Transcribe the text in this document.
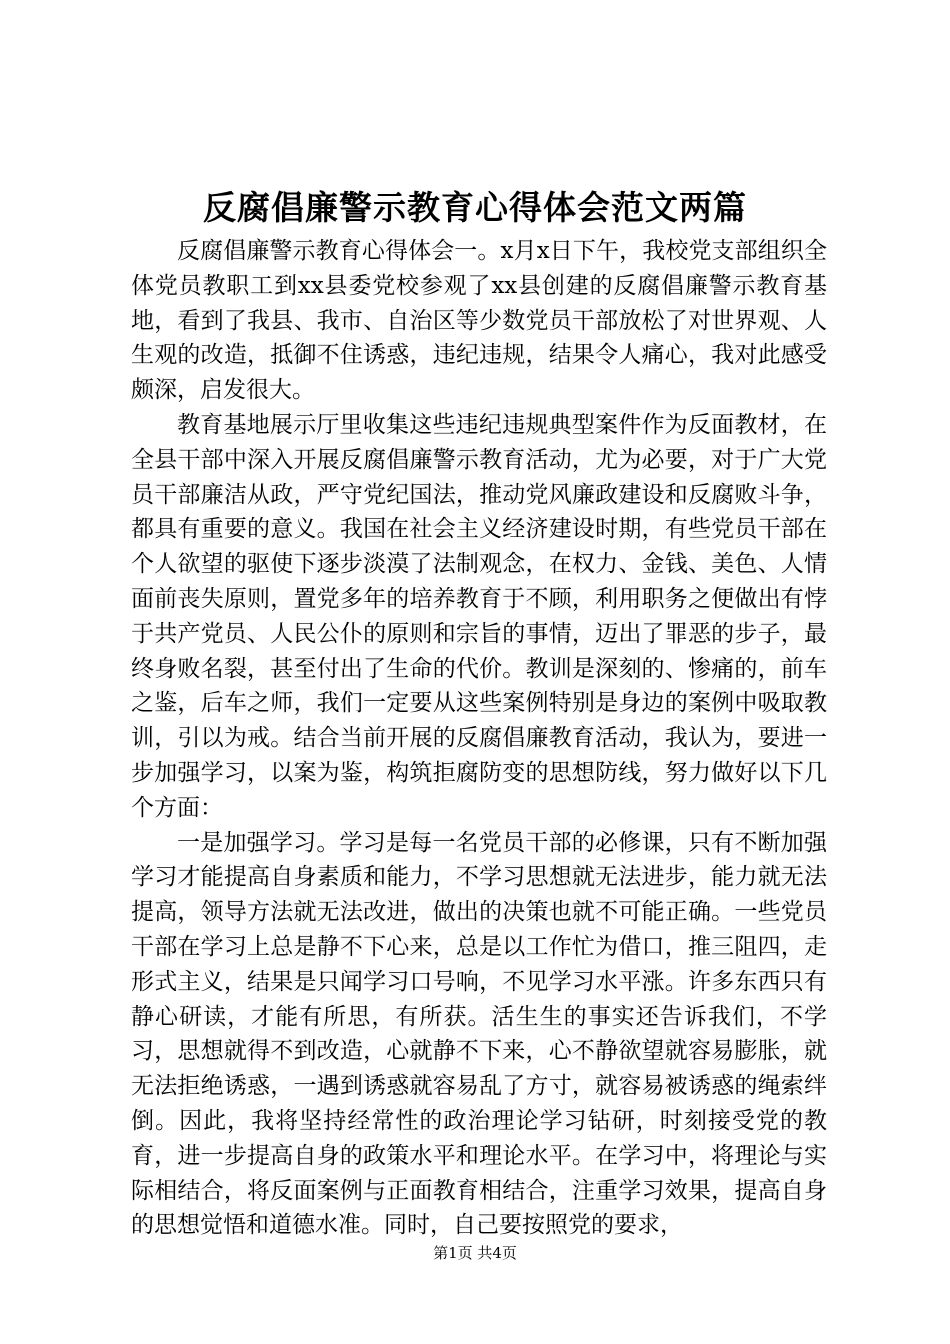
反腐倡廉警示教育心得体会范文两篇

反腐倡廉警示教育心得体会一。x月x日下午，我校党支部组织全体党员教职工到xx县委党校参观了xx县创建的反腐倡廉警示教育基地，看到了我县、我市、自治区等少数党员干部放松了对世界观、人生观的改造，抵御不住诱惑，违纪违规，结果令人痛心，我对此感受颇深，启发很大。

教育基地展示厅里收集这些违纪违规典型案件作为反面教材，在全县干部中深入开展反腐倡廉警示教育活动，尤为必要，对于广大党员干部廉洁从政，严守党纪国法，推动党风廉政建设和反腐败斗争，都具有重要的意义。我国在社会主义经济建设时期，有些党员干部在个人欲望的驱使下逐步淡漠了法制观念，在权力、金钱、美色、人情面前丧失原则，置党多年的培养教育于不顾，利用职务之便做出有悖于共产党员、人民公仆的原则和宗旨的事情，迈出了罪恶的步子，最终身败名裂，甚至付出了生命的代价。教训是深刻的、惨痛的，前车之鉴，后车之师，我们一定要从这些案例特别是身边的案例中吸取教训，引以为戒。结合当前开展的反腐倡廉教育活动，我认为，要进一步加强学习，以案为鉴，构筑拒腐防变的思想防线，努力做好以下几个方面：

一是加强学习。学习是每一名党员干部的必修课，只有不断加强学习才能提高自身素质和能力，不学习思想就无法进步，能力就无法提高，领导方法就无法改进，做出的决策也就不可能正确。一些党员干部在学习上总是静不下心来，总是以工作忙为借口，推三阻四，走形式主义，结果是只闻学习口号响，不见学习水平涨。许多东西只有静心研读，才能有所思，有所获。活生生的事实还告诉我们，不学习，思想就得不到改造，心就静不下来，心不静欲望就容易膨胀，就无法拒绝诱惑，一遇到诱惑就容易乱了方寸，就容易被诱惑的绳索绊倒。因此，我将坚持经常性的政治理论学习钻研，时刻接受党的教育，进一步提高自身的政策水平和理论水平。在学习中，将理论与实际相结合，将反面案例与正面教育相结合，注重学习效果，提高自身的思想觉悟和道德水准。同时，自己要按照党的要求，

第1页 共4页
